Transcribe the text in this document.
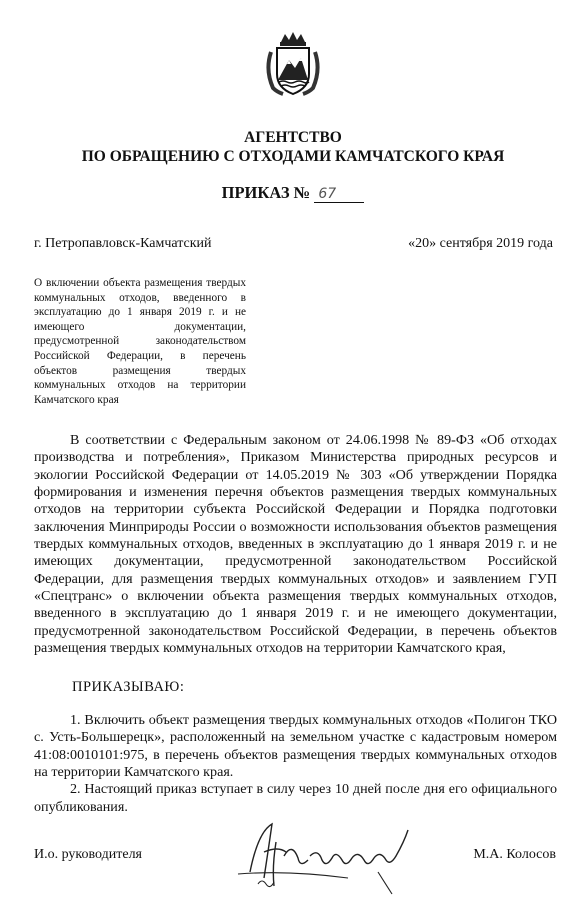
АГЕНТСТВО
ПО ОБРАЩЕНИЮ С ОТХОДАМИ КАМЧАТСКОГО КРАЯ
ПРИКАЗ № 67
г. Петропавловск-Камчатский	«20» сентября 2019 года
О включении объекта размещения твердых коммунальных отходов, введенного в эксплуатацию до 1 января 2019 г. и не имеющего документации, предусмотренной законодательством Российской Федерации, в перечень объектов размещения твердых коммунальных отходов на территории Камчатского края

В соответствии с Федеральным законом от 24.06.1998 № 89-ФЗ «Об отходах производства и потребления», Приказом Министерства природных ресурсов и экологии Российской Федерации от 14.05.2019 № 303 «Об утверждении Порядка формирования и изменения перечня объектов размещения твердых коммунальных отходов на территории субъекта Российской Федерации и Порядка подготовки заключения Минприроды России о возможности использования объектов размещения твердых коммунальных отходов, введенных в эксплуатацию до 1 января 2019 г. и не имеющих документации, предусмотренной законодательством Российской Федерации, для размещения твердых коммунальных отходов» и заявлением ГУП «Спецтранс» о включении объекта размещения твердых коммунальных отходов, введенного в эксплуатацию до 1 января 2019 г. и не имеющего документации, предусмотренной законодательством Российской Федерации, в перечень объектов размещения твердых коммунальных отходов на территории Камчатского края,

ПРИКАЗЫВАЮ:

1. Включить объект размещения твердых коммунальных отходов «Полигон ТКО с. Усть-Большерецк», расположенный на земельном участке с кадастровым номером 41:08:0010101:975, в перечень объектов размещения твердых коммунальных отходов на территории Камчатского края.

2. Настоящий приказ вступает в силу через 10 дней после дня его официального опубликования.

И.о. руководителя	М.А. Колосов
